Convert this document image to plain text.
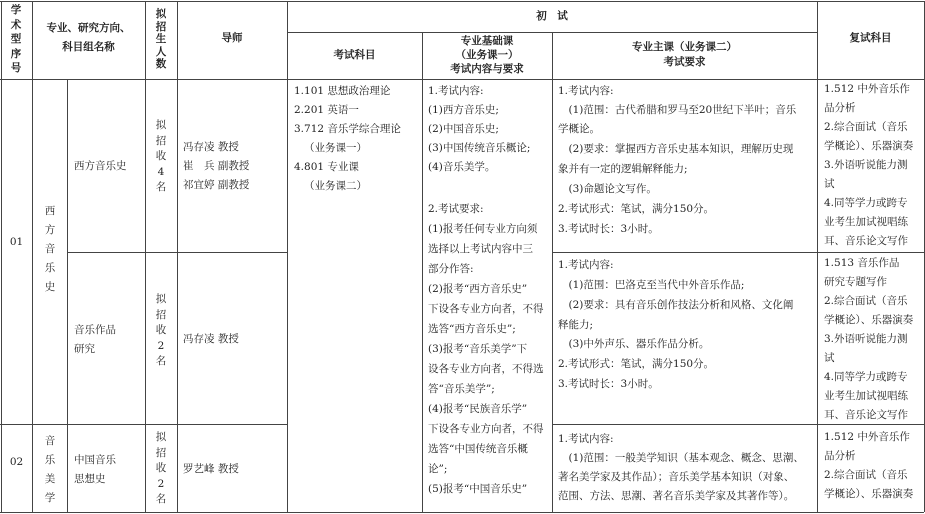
学术型序号
专业、研究方向、
科目组名称
拟招生人数
导师
初　试
考试科目
专业基础课
（业务课一）
考试内容与要求
专业主课（业务课二）
考试要求
复试科目
01
02
西方音乐史
音乐美学
西方音乐史
音乐作品
研究
中国音乐
思想史
拟招收4名
拟招收2名
拟招收2名
冯存凌 教授
崔　兵 副教授
祁宜婷 副教授
冯存凌 教授
罗艺峰 教授
1.101 思想政治理论
2.201 英语一
3.712 音乐学综合理论
（业务课一）
4.801 专业课
（业务课二）
1.考试内容:
(1)西方音乐史;
(2)中国音乐史;
(3)中国传统音乐概论;
(4)音乐美学。
2.考试要求:
(1)报考任何专业方向须
选择以上考试内容中三
部分作答:
(2)报考“西方音乐史”
下设各专业方向者，不得
选答“西方音乐史”;
(3)报考“音乐美学”下
设各专业方向者，不得选
答“音乐美学”;
(4)报考“民族音乐学”
下设各专业方向者，不得
选答“中国传统音乐概
论”;
(5)报考“中国音乐史”
1.考试内容:
　(1)范围：古代希腊和罗马至20世纪下半叶；音乐
学概论。
　(2)要求：掌握西方音乐史基本知识，理解历史现
象并有一定的逻辑解释能力;
　(3)命题论文写作。
2.考试形式：笔试，满分150分。
3.考试时长：3小时。
1.考试内容:
　(1)范围：巴洛克至当代中外音乐作品;
　(2)要求：具有音乐创作技法分析和风格、文化阐
释能力;
　(3)中外声乐、器乐作品分析。
2.考试形式：笔试，满分150分。
3.考试时长：3小时。
1.考试内容:
　(1)范围：一般美学知识（基本观念、概念、思潮、
著名美学家及其作品）；音乐美学基本知识（对象、
范围、方法、思潮、著名音乐美学家及其著作等）。
1.512 中外音乐作
品分析
2.综合面试（音乐
学概论）、乐器演奏
3.外语听说能力测
试
4.同等学力或跨专
业考生加试视唱练
耳、音乐论文写作
1.513 音乐作品
研究专题写作
2.综合面试（音乐
学概论）、乐器演奏
3.外语听说能力测
试
4.同等学力或跨专
业考生加试视唱练
耳、音乐论文写作
1.512 中外音乐作
品分析
2.综合面试（音乐
学概论）、乐器演奏
